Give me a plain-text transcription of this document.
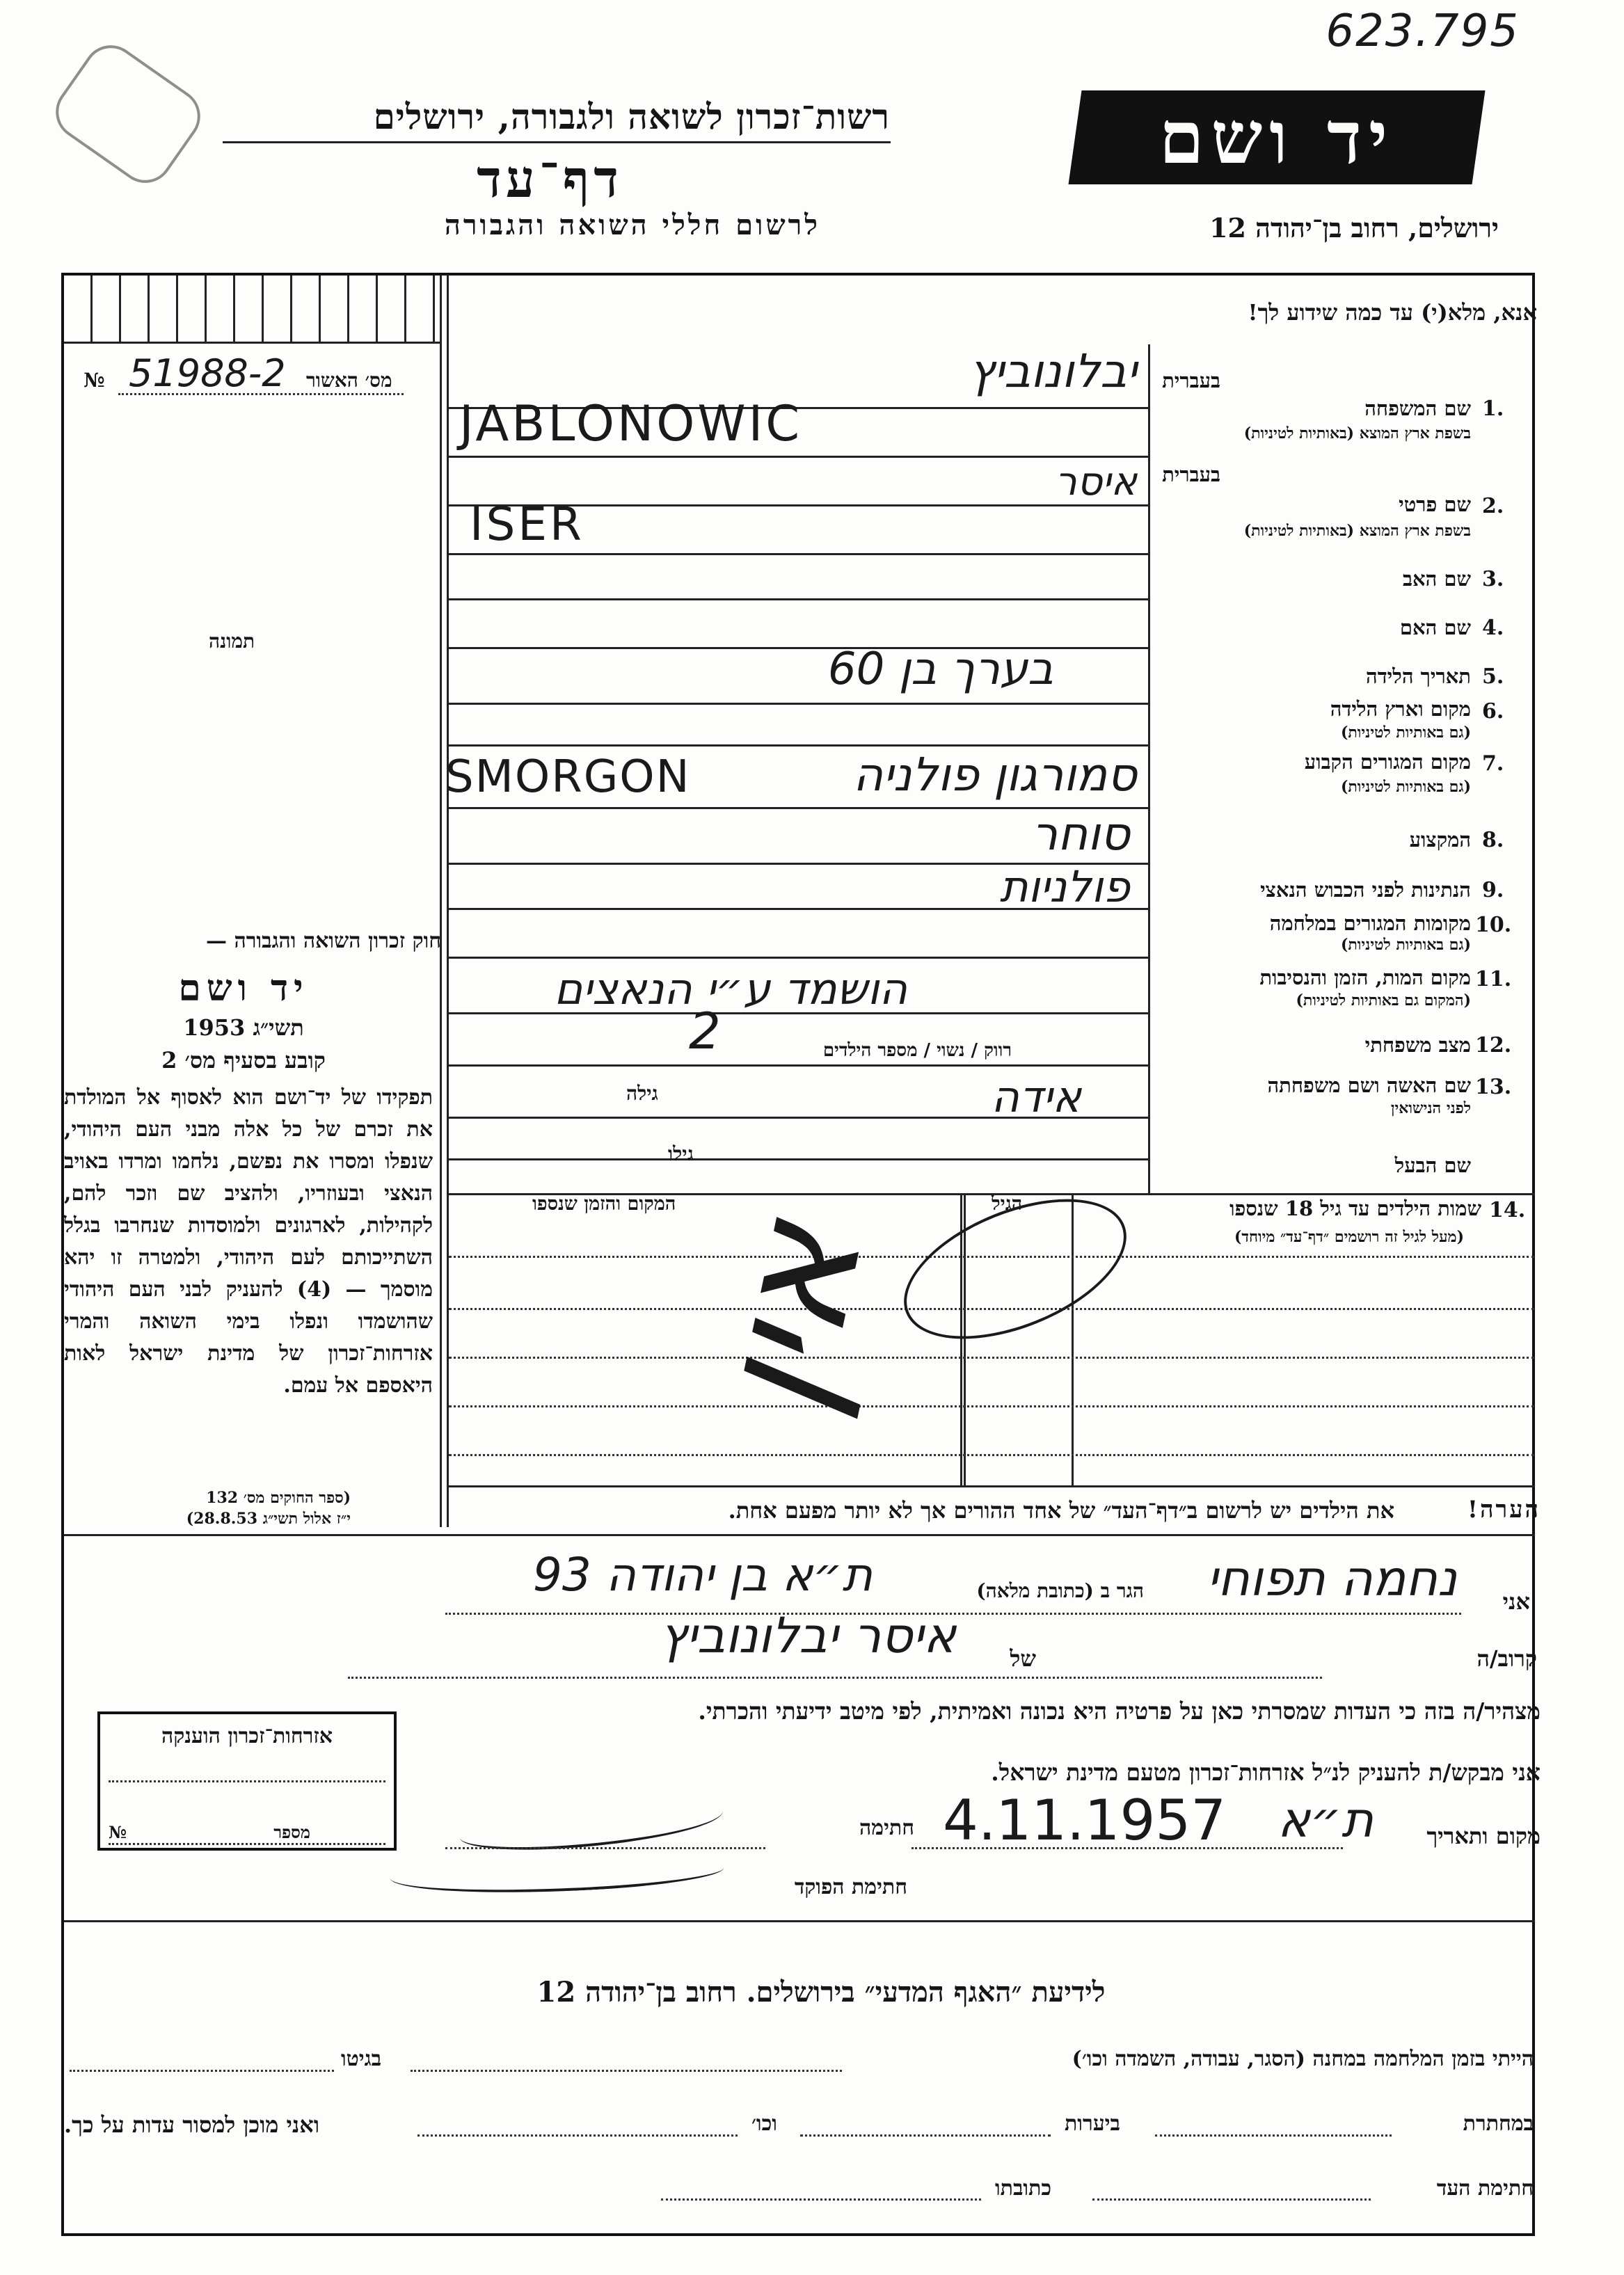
623.795
רשות־זכרון לשואה ולגבורה, ירושלים
דף־עד
לרשום חללי השואה והגבורה
יד ושם
ירושלים, רחוב בן־יהודה 12
אנא, מלא(י) עד כמה שידוע לך!
מס׳ האשור
№ 51988-2
תמונה
בעברית
1.
שם המשפחה
בשפת ארץ המוצא (באותיות לטיניות)
יבלונוביץ
JABLONOWIC
בעברית
2.
שם פרטי
בשפת ארץ המוצא (באותיות לטיניות)
איסר
ISER
3.
שם האב
4.
שם האם
5.
תאריך הלידה
בערך בן 60
6.
מקום וארץ הלידה
(גם באותיות לטיניות)
7.
מקום המגורים הקבוע
(גם באותיות לטיניות)
סמורגון פולניה
SMORGON
8.
המקצוע
סוחר
9.
הנתינות לפני הכבוש הנאצי
פולניות
10.
מקומות המגורים במלחמה
(גם באותיות לטיניות)
11.
מקום המות, הזמן והנסיבות
(המקום גם באותיות לטיניות)
הושמד ע״י הנאצים
12.
מצב משפחתי
רווק / נשוי / מספר הילדים
2
13.
שם האשה ושם משפחתה
לפני הנישואין
אידה
גילה
שם הבעל
גילו
14.
שמות הילדים עד גיל 18 שנספו
(מעל לגיל זה רושמים ״דף־עד״ מיוחד)
הגיל
המקום והזמן שנספו
אין
הערה!
את הילדים יש לרשום ב״דף־העד״ של אחד ההורים אך לא יותר מפעם אחת.
חוק זכרון השואה והגבורה —
יד ושם
תשי״ג 1953
קובע בסעיף מס׳ 2
תפקידו של יד־ושם הוא לאסוף אל המולדת את זכרם של כל אלה מבני העם היהודי, שנפלו ומסרו את נפשם, נלחמו ומרדו באויב הנאצי ובעוזריו, ולהציב שם וזכר להם, לקהילות, לארגונים ולמוסדות שנחרבו בגלל השתייכותם לעם היהודי, ולמטרה זו יהא מוסמך — (4) להעניק לבני העם היהודי שהושמדו ונפלו בימי השואה והמרי אזרחות־זכרון של מדינת ישראל לאות היאספם אל עמם.
(ספר החוקים מס׳ 132
י״ז אלול תשי״ג 28.8.53)
אני
נחמה תפוחי
הגר ב (כתובת מלאה)
ת״א בן יהודה 93
קרוב/ה
של
איסר יבלונוביץ
מצהיר/ה בזה כי העדות שמסרתי כאן על פרטיה היא נכונה ואמיתית, לפי מיטב ידיעתי והכרתי.
אני מבקש/ת להעניק לנ״ל אזרחות־זכרון מטעם מדינת ישראל.
מקום ותאריך
ת״א
4.11.1957
חתימה
חתימת הפוקד
אזרחות־זכרון הוענקה
מספר
№
לידיעת ״האגף המדעי״ בירושלים. רחוב בן־יהודה 12
הייתי בזמן המלחמה במחנה (הסגר, עבודה, השמדה וכו׳)
בגיטו
במחתרת
ביערות
וכו׳
ואני מוכן למסור עדות על כך.
חתימת העד
כתובתו
